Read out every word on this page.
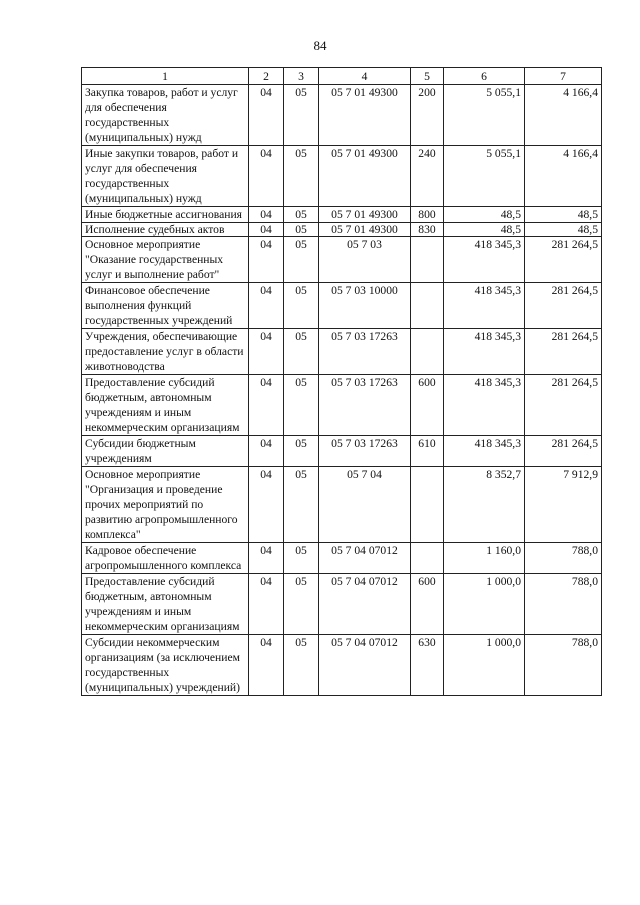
84
1	2	3	4	5	6	7
Закупка товаров, работ и услуг для обеспечения государственных (муниципальных) нужд	04	05	05 7 01 49300	200	5 055,1	4 166,4
Иные закупки товаров, работ и услуг для обеспечения государственных (муниципальных) нужд	04	05	05 7 01 49300	240	5 055,1	4 166,4
Иные бюджетные ассигнования	04	05	05 7 01 49300	800	48,5	48,5
Исполнение судебных актов	04	05	05 7 01 49300	830	48,5	48,5
Основное мероприятие "Оказание государственных услуг и выполнение работ"	04	05	05 7 03		418 345,3	281 264,5
Финансовое обеспечение выполнения функций государственных учреждений	04	05	05 7 03 10000		418 345,3	281 264,5
Учреждения, обеспечивающие предоставление услуг в области животноводства	04	05	05 7 03 17263		418 345,3	281 264,5
Предоставление субсидий бюджетным, автономным учреждениям и иным некоммерческим организациям	04	05	05 7 03 17263	600	418 345,3	281 264,5
Субсидии бюджетным учреждениям	04	05	05 7 03 17263	610	418 345,3	281 264,5
Основное мероприятие "Организация и проведение прочих мероприятий по развитию агропромышленного комплекса"	04	05	05 7 04		8 352,7	7 912,9
Кадровое обеспечение агропромышленного комплекса	04	05	05 7 04 07012		1 160,0	788,0
Предоставление субсидий бюджетным, автономным учреждениям и иным некоммерческим организациям	04	05	05 7 04 07012	600	1 000,0	788,0
Субсидии некоммерческим организациям (за исключением государственных (муниципальных) учреждений)	04	05	05 7 04 07012	630	1 000,0	788,0
